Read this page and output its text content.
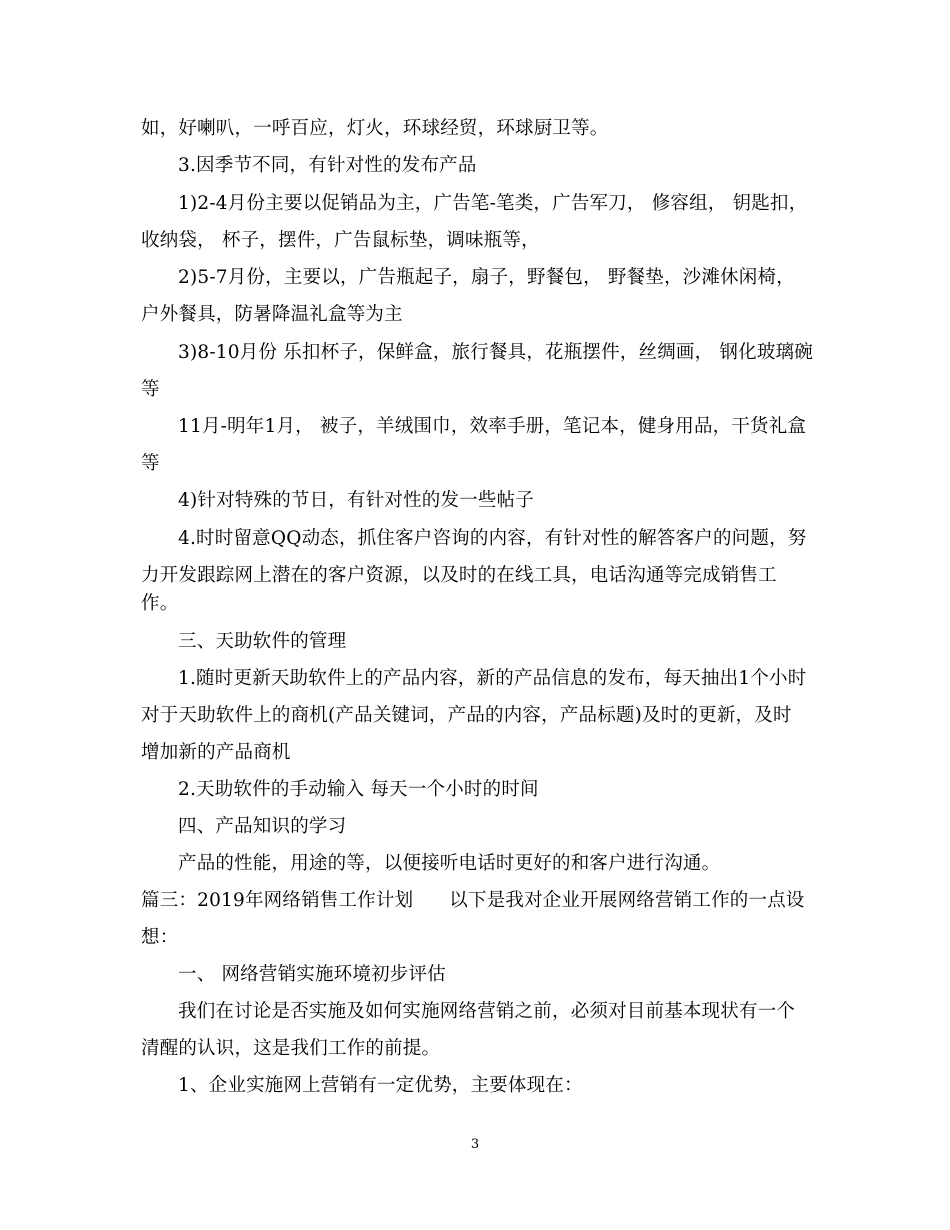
如，好喇叭，一呼百应，灯火，环球经贸，环球厨卫等。
3.因季节不同，有针对性的发布产品
1)2-4月份主要以促销品为主，广告笔-笔类，广告军刀， 修容组， 钥匙扣，
收纳袋， 杯子，摆件，广告鼠标垫，调味瓶等，
2)5-7月份，主要以，广告瓶起子，扇子，野餐包， 野餐垫，沙滩休闲椅，
户外餐具，防暑降温礼盒等为主
3)8-10月份 乐扣杯子，保鲜盒，旅行餐具，花瓶摆件，丝绸画， 钢化玻璃碗
等
11月-明年1月， 被子，羊绒围巾，效率手册，笔记本，健身用品，干货礼盒
等
4)针对特殊的节日，有针对性的发一些帖子
4.时时留意QQ动态，抓住客户咨询的内容，有针对性的解答客户的问题，努
力开发跟踪网上潜在的客户资源，以及时的在线工具，电话沟通等完成销售工
作。
三、天助软件的管理
1.随时更新天助软件上的产品内容，新的产品信息的发布，每天抽出1个小时
对于天助软件上的商机(产品关键词，产品的内容，产品标题)及时的更新，及时
增加新的产品商机
2.天助软件的手动输入 每天一个小时的时间
四、产品知识的学习
产品的性能，用途的等，以便接听电话时更好的和客户进行沟通。
篇三：2019年网络销售工作计划 以下是我对企业开展网络营销工作的一点设
想：
一、 网络营销实施环境初步评估
我们在讨论是否实施及如何实施网络营销之前，必须对目前基本现状有一个
清醒的认识，这是我们工作的前提。
1、企业实施网上营销有一定优势，主要体现在：
3
